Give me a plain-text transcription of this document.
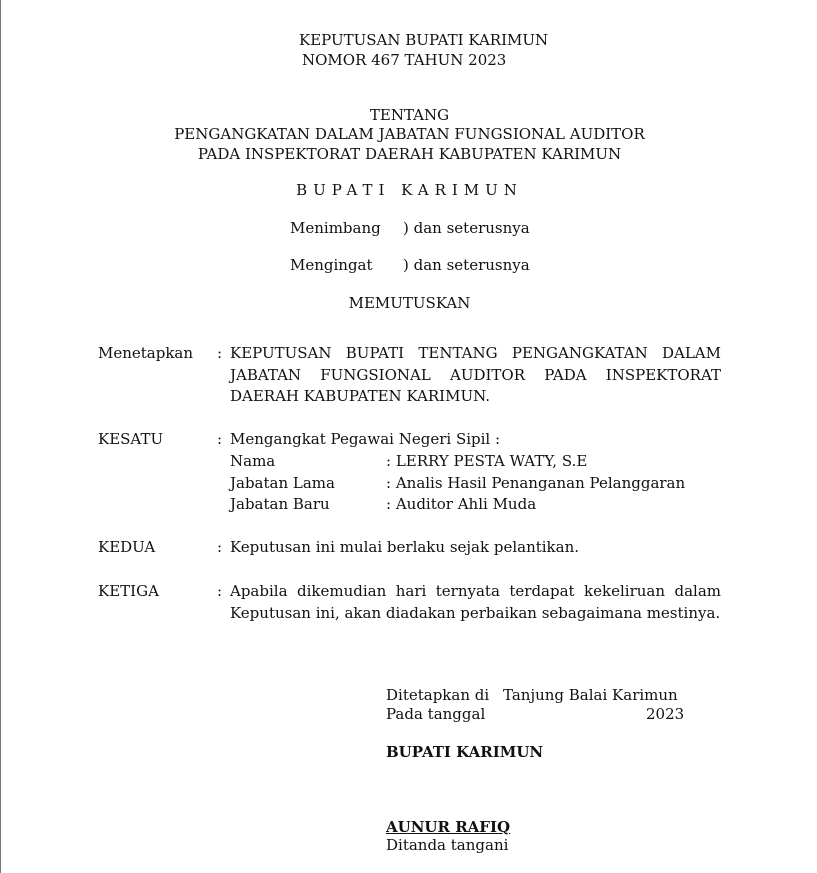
KEPUTUSAN BUPATI KARIMUN
NOMOR 467 TAHUN 2023
TENTANG
PENGANGKATAN DALAM JABATAN FUNGSIONAL AUDITOR
PADA INSPEKTORAT DAERAH KABUPATEN KARIMUN
BUPATI KARIMUN
Menimbang ) dan seterusnya
Mengingat ) dan seterusnya
MEMUTUSKAN
Menetapkan : KEPUTUSAN BUPATI TENTANG PENGANGKATAN DALAM JABATAN FUNGSIONAL AUDITOR PADA INSPEKTORAT DAERAH KABUPATEN KARIMUN.
KESATU	: Mengangkat Pegawai Negeri Sipil :
Nama	: LERRY PESTA WATY, S.E
Jabatan Lama	: Analis Hasil Penanganan Pelanggaran
Jabatan Baru	: Auditor Ahli Muda
KEDUA	: Keputusan ini mulai berlaku sejak pelantikan.
KETIGA	: Apabila dikemudian hari ternyata terdapat kekeliruan dalam Keputusan ini, akan diadakan perbaikan sebagaimana mestinya.
Ditetapkan di Tanjung Balai Karimun
Pada tanggal	2023
BUPATI KARIMUN
AUNUR RAFIQ
Ditanda tangani
